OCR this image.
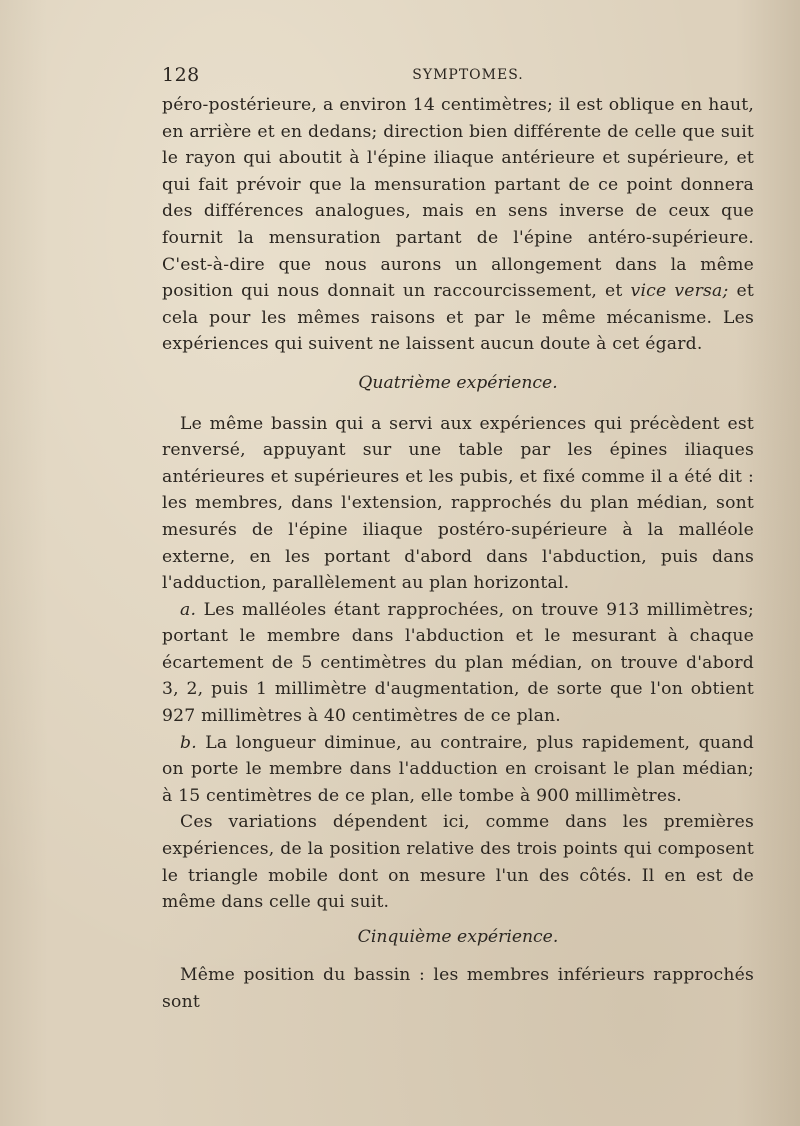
128	SYMPTOMES.

péro-postérieure, a environ 14 centimètres; il est oblique en haut, en arrière et en dedans; direction bien différente de celle que suit le rayon qui aboutit à l'épine iliaque antérieure et supérieure, et qui fait prévoir que la mensuration partant de ce point donnera des différences analogues, mais en sens inverse de ceux que fournit la mensuration partant de l'épine antéro-supérieure. C'est-à-dire que nous aurons un allongement dans la même position qui nous donnait un raccourcissement, et vice versa; et cela pour les mêmes raisons et par le même mécanisme. Les expériences qui suivent ne laissent aucun doute à cet égard.

Quatrième expérience.

Le même bassin qui a servi aux expériences qui précèdent est renversé, appuyant sur une table par les épines iliaques antérieures et supérieures et les pubis, et fixé comme il a été dit : les membres, dans l'extension, rapprochés du plan médian, sont mesurés de l'épine iliaque postéro-supérieure à la malléole externe, en les portant d'abord dans l'abduction, puis dans l'adduction, parallèlement au plan horizontal.

a. Les malléoles étant rapprochées, on trouve 913 millimètres; portant le membre dans l'abduction et le mesurant à chaque écartement de 5 centimètres du plan médian, on trouve d'abord 3, 2, puis 1 millimètre d'augmentation, de sorte que l'on obtient 927 millimètres à 40 centimètres de ce plan.

b. La longueur diminue, au contraire, plus rapidement, quand on porte le membre dans l'adduction en croisant le plan médian; à 15 centimètres de ce plan, elle tombe à 900 millimètres.

Ces variations dépendent ici, comme dans les premières expériences, de la position relative des trois points qui composent le triangle mobile dont on mesure l'un des côtés. Il en est de même dans celle qui suit.

Cinquième expérience.

Même position du bassin : les membres inférieurs rapprochés sont
